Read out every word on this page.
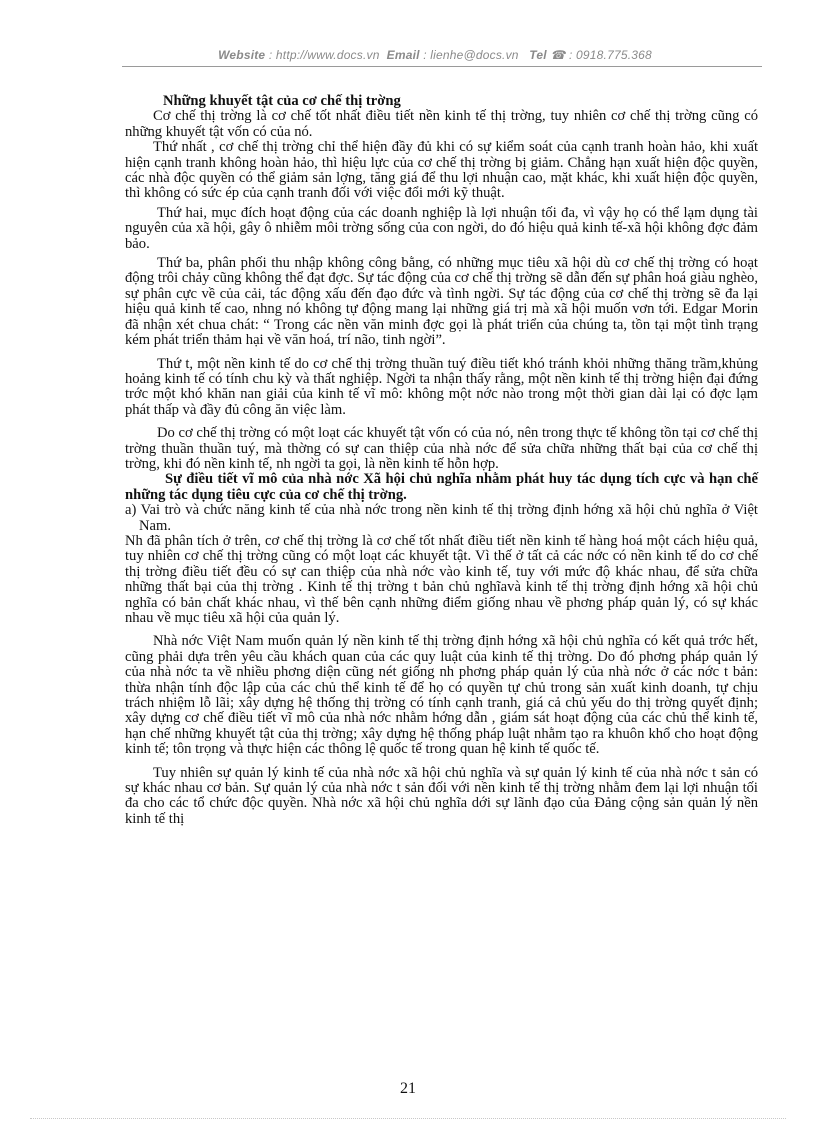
Website : http://www.docs.vn Email : lienhe@docs.vn Tel ☎ : 0918.775.368

Những khuyết tật của cơ chế thị trờng

Cơ chế thị trờng là cơ chế tốt nhất điều tiết nền kinh tế thị trờng, tuy nhiên cơ chế thị trờng cũng có những khuyết tật vốn có của nó.

Thứ nhất , cơ chế thị trờng chỉ thể hiện đầy đủ khi có sự kiểm soát của cạnh tranh hoàn hảo, khi xuất hiện cạnh tranh không hoàn hảo, thì hiệu lực của cơ chế thị trờng bị giảm. Chẳng hạn xuất hiện độc quyền, các nhà độc quyền có thể giảm sản lợng, tăng giá để thu lợi nhuận cao, mặt khác, khi xuất hiện độc quyền, thì không có sức ép của cạnh tranh đối với việc đổi mới kỹ thuật.

Thứ hai, mục đích hoạt động của các doanh nghiệp là lợi nhuận tối đa, vì vậy họ có thể lạm dụng tài nguyên của xã hội, gây ô nhiễm môi trờng sống của con ngời, do đó hiệu quả kinh tế-xã hội không đợc đảm bảo.

Thứ ba, phân phối thu nhập không công bằng, có những mục tiêu xã hội dù cơ chế thị trờng có hoạt động trôi chảy cũng không thể đạt đợc. Sự tác động của cơ chế thị trờng sẽ dẫn đến sự phân hoá giàu nghèo, sự phân cực về của cải, tác động xấu đến đạo đức và tình ngời. Sự tác động của cơ chế thị trờng sẽ đa lại hiệu quả kinh tế cao, nhng nó không tự động mang lại những giá trị mà xã hội muốn vơn tới. Edgar Morin đã nhận xét chua chát: “ Trong các nền văn minh đợc gọi là phát triển của chúng ta, tồn tại một tình trạng kém phát triển thảm hại về văn hoá, trí não, tinh ngời”.

Thứ t, một nền kinh tế do cơ chế thị trờng thuần tuý điều tiết khó tránh khỏi những thăng trầm,khủng hoảng kinh tế có tính chu kỳ và thất nghiệp. Ngời ta nhận thấy rằng, một nền kinh tế thị trờng hiện đại đứng trớc một khó khăn nan giải của kinh tế vĩ mô: không một nớc nào trong một thời gian dài lại có đợc lạm phát thấp và đầy đủ công ăn việc làm.

Do cơ chế thị trờng có một loạt các khuyết tật vốn có của nó, nên trong thực tế không tồn tại cơ chế thị trờng thuần thuần tuý, mà thờng có sự can thiệp của nhà nớc để sửa chữa những thất bại của cơ chế thị trờng, khi đó nền kinh tế, nh ngời ta gọi, là nền kinh tế hỗn hợp.

Sự điều tiết vĩ mô của nhà nớc Xã hội chủ nghĩa nhằm phát huy tác dụng tích cực và hạn chế những tác dụng tiêu cực của cơ chế thị trờng.

a) Vai trò và chức năng kinh tế của nhà nớc trong nền kinh tế thị trờng định hớng xã hội chủ nghĩa ở Việt Nam.

Nh đã phân tích ở trên, cơ chế thị trờng là cơ chế tốt nhất điều tiết nền kinh tế hàng hoá một cách hiệu quả, tuy nhiên cơ chế thị trờng cũng có một loạt các khuyết tật. Vì thế ở tất cả các nớc có nền kinh tế do cơ chế thị trờng điều tiết đều có sự can thiệp của nhà nớc vào kinh tế, tuy với mức độ khác nhau, để sửa chữa những thất bại của thị trờng . Kinh tế thị trờng t bản chủ nghĩavà kinh tế thị trờng định hớng xã hội chủ nghĩa có bản chất khác nhau, vì thế bên cạnh những điểm giống nhau về phơng pháp quản lý, có sự khác nhau về mục tiêu xã hội của quản lý.

Nhà nớc Việt Nam muốn quản lý nền kinh tế thị trờng định hớng xã hội chủ nghĩa có kết quả trớc hết, cũng phải dựa trên yêu cầu khách quan của các quy luật của kinh tế thị trờng. Do đó phơng pháp quản lý của nhà nớc ta về nhiều phơng diện cũng nét giống nh phơng pháp quản lý của nhà nớc ở các nớc t bản: thừa nhận tính độc lập của các chủ thể kinh tế để họ có quyền tự chủ trong sản xuất kinh doanh, tự chịu trách nhiệm lỗ lãi; xây dựng hệ thống thị trờng có tính cạnh tranh, giá cả chủ yếu do thị trờng quyết định; xây dựng cơ chế điều tiết vĩ mô của nhà nớc nhằm hớng dẫn , giám sát hoạt động của các chủ thể kinh tế, hạn chế những khuyết tật của thị trờng; xây dựng hệ thống pháp luật nhằm tạo ra khuôn khổ cho hoạt động kinh tế; tôn trọng và thực hiện các thông lệ quốc tế trong quan hệ kinh tế quốc tế.

Tuy nhiên sự quản lý kinh tế của nhà nớc xã hội chủ nghĩa và sự quản lý kinh tế của nhà nớc t sản có sự khác nhau cơ bản. Sự quản lý của nhà nớc t sản đối với nền kinh tế thị trờng nhằm đem lại lợi nhuận tối đa cho các tổ chức độc quyền. Nhà nớc xã hội chủ nghĩa dới sự lãnh đạo của Đảng cộng sản quản lý nền kinh tế thị

21
